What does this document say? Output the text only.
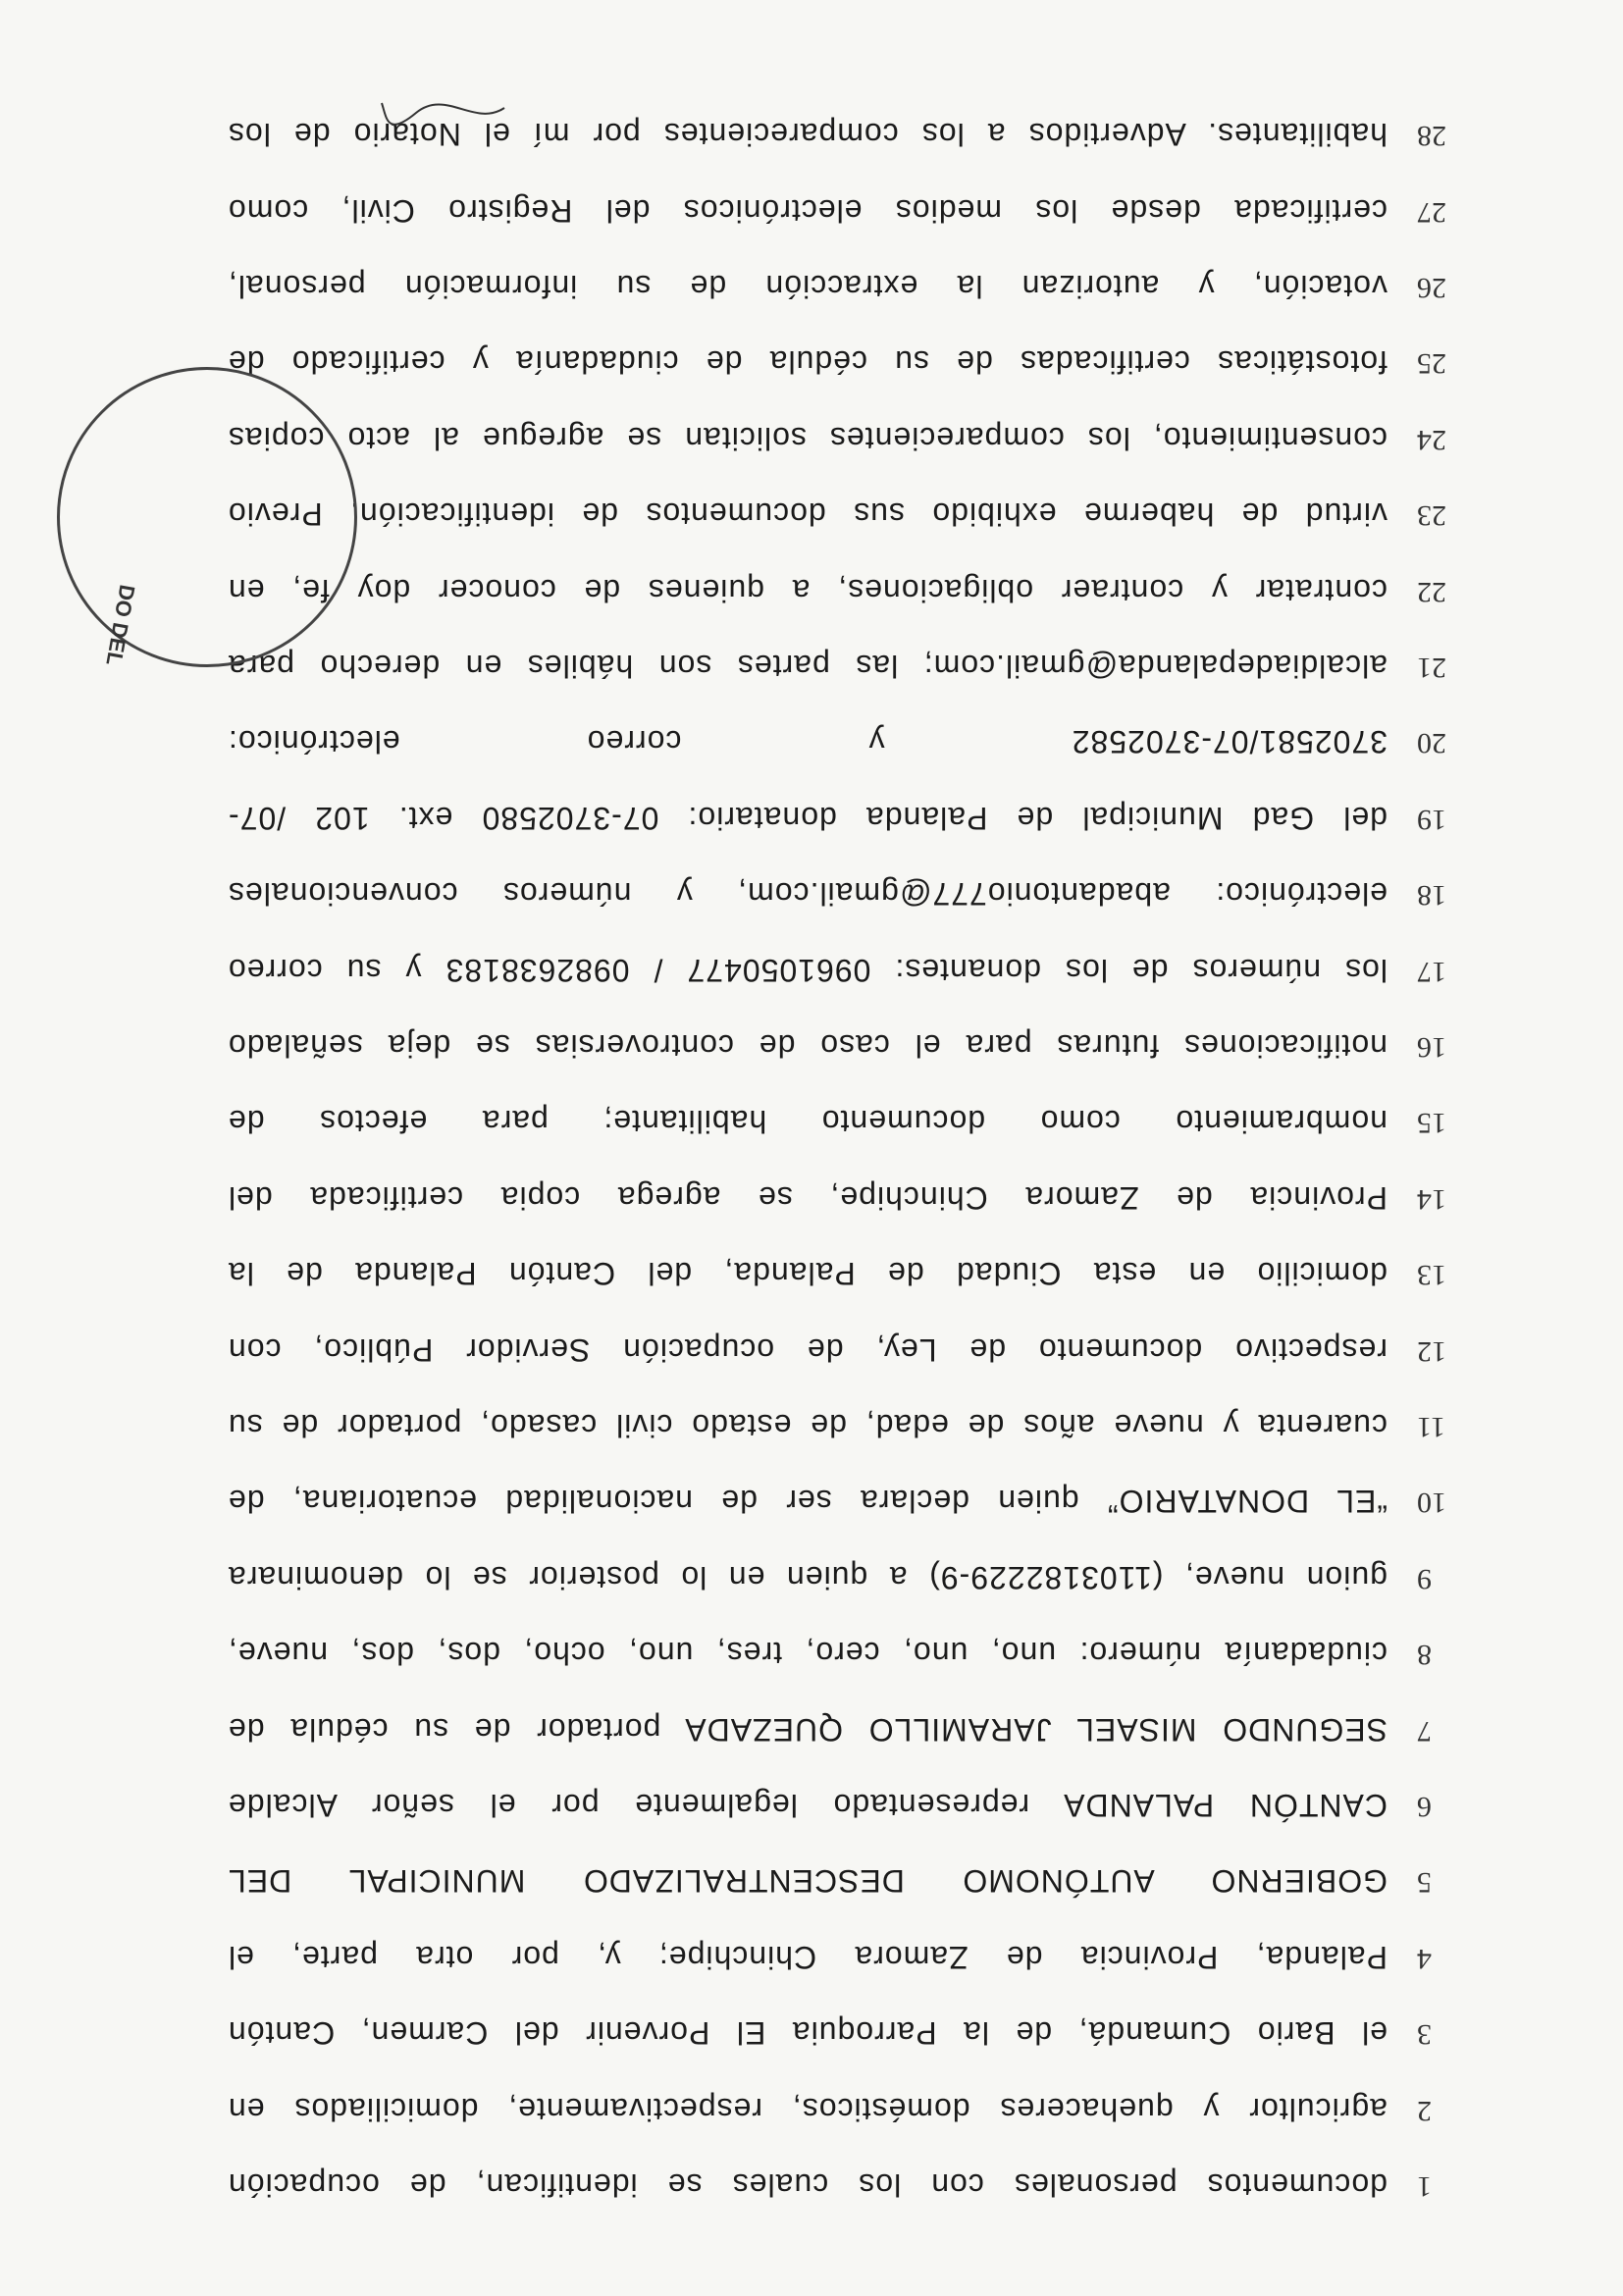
1
documentos personales con los cuales se identifican, de ocupación
2
agricultor y quehaceres domésticos, respectivamente, domiciliados en
3
el Bario Cumandá, de la Parroquia El Porvenir del Carmen, Cantón
4
Palanda, Provincia de Zamora Chinchipe; y, por otra parte, el
5
GOBIERNO AUTÓNOMO DESCENTRALIZADO MUNICIPAL DEL
6
CANTÓN PALANDA representado legalmente por el señor Alcalde
7
SEGUNDO MISAEL JARAMILLO QUEZADA portador de su cédula de
8
ciudadanía número: uno, uno, cero, tres, uno, ocho, dos, dos, nueve,
9
guion nueve, (1103182229-9) a quien en lo posterior se lo denominara
10
“EL DONATARIO” quien declara ser de nacionalidad ecuatoriana, de
11
cuarenta y nueve años de edad, de estado civil casado, portador de su
12
respectivo documento de Ley, de ocupación Servidor Público, con
13
domicilio en esta Ciudad de Palanda, del Cantón Palanda de la
14
Provincia de Zamora Chinchipe, se agrega copia certificada del
15
nombramiento como documento habilitante; para efectos de
16
notificaciones futuras para el caso de controversias se deja señalado
17
los números de los donantes: 0961050477 / 0982638183 y su correo
18
electrónico: abadantonio777@gmail.com, y números convencionales
19
del Gad Municipal de Palanda donatario: 07-3702580 ext. 102 /07-
20
3702581/07-3702582 y correo electrónico:
21
alcaldiadepalanda@gmail.com; las partes son hábiles en derecho para
22
contratar y contraer obligaciones, a quienes de conocer doy fe, en
23
virtud de haberme exhibido sus documentos de identificación. Previo
24
consentimiento, los comparecientes solicitan se agregue al acto copias
25
fotostáticas certificadas de su cédula de ciudadanía y certificado de
26
votación, y autorizan la extracción de su información personal,
27
certificada desde los medios electrónicos del Registro Civil, como
28
habilitantes. Advertidos a los comparecientes por mí el Notario de los
DO DEL
